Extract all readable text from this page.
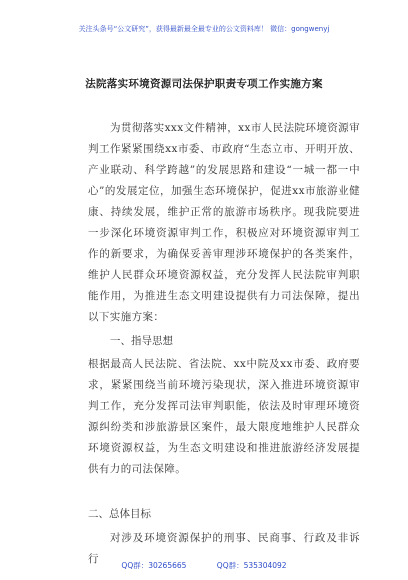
关注头条号“公文研究”，获得最新最全最专业的公文资料库！ 微信：gongwenyj
法院落实环境资源司法保护职责专项工作实施方案

为贯彻落实xxx文件精神，xx市人民法院环境资源审判工作紧紧围绕xx市委、市政府“生态立市、开明开放、产业联动、科学跨越”的发展思路和建设“一城一都一中心”的发展定位，加强生态环境保护，促进xx市旅游业健康、持续发展，维护正常的旅游市场秩序。现我院要进一步深化环境资源审判工作，积极应对环境资源审判工作的新要求，为确保妥善审理涉环境保护的各类案件，维护人民群众环境资源权益，充分发挥人民法院审判职能作用，为推进生态文明建设提供有力司法保障，提出以下实施方案：

一、指导思想

根据最高人民法院、省法院、xx中院及xx市委、政府要求，紧紧围绕当前环境污染现状，深入推进环境资源审判工作，充分发挥司法审判职能，依法及时审理环境资源纠纷类和涉旅游景区案件，最大限度地维护人民群众环境资源权益，为生态文明建设和推进旅游经济发展提供有力的司法保障。

二、总体目标

对涉及环境资源保护的刑事、民商事、行政及非诉行

QQ群：30265665	QQ群：535304092
